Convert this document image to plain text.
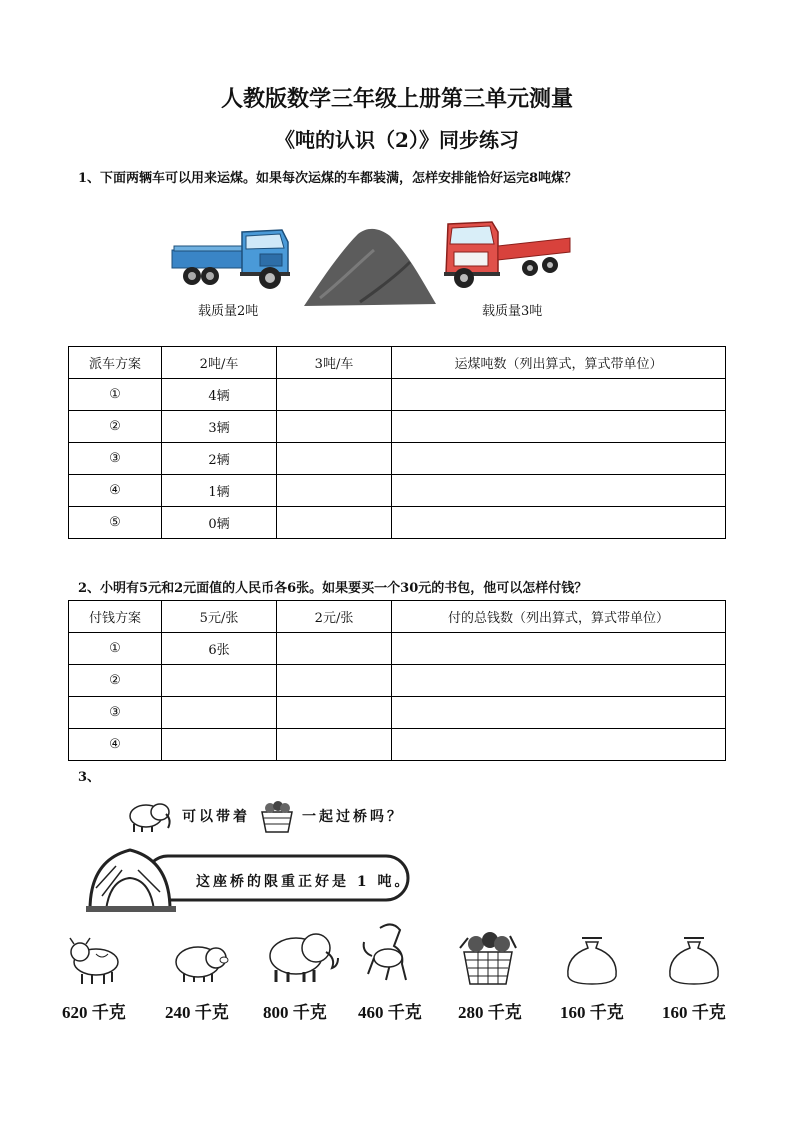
人教版数学三年级上册第三单元测量
《吨的认识（2）》同步练习
1、下面两辆车可以用来运煤。如果每次运煤的车都装满，怎样安排能恰好运完8吨煤？
载质量2吨	载质量3吨
派车方案	2吨/车	3吨/车	运煤吨数（列出算式，算式带单位）
①	4辆		
②	3辆		
③	2辆		
④	1辆		
⑤	0辆		
2、小明有5元和2元面值的人民币各6张。如果要买一个30元的书包，他可以怎样付钱？
付钱方案	5元/张	2元/张	付的总钱数（列出算式，算式带单位）
①	6张		
②			
③			
④			
3、
可以带着	一起过桥吗？
这座桥的限重正好是 1 吨。
620 千克 240 千克 800 千克 460 千克 280 千克 160 千克 160 千克
